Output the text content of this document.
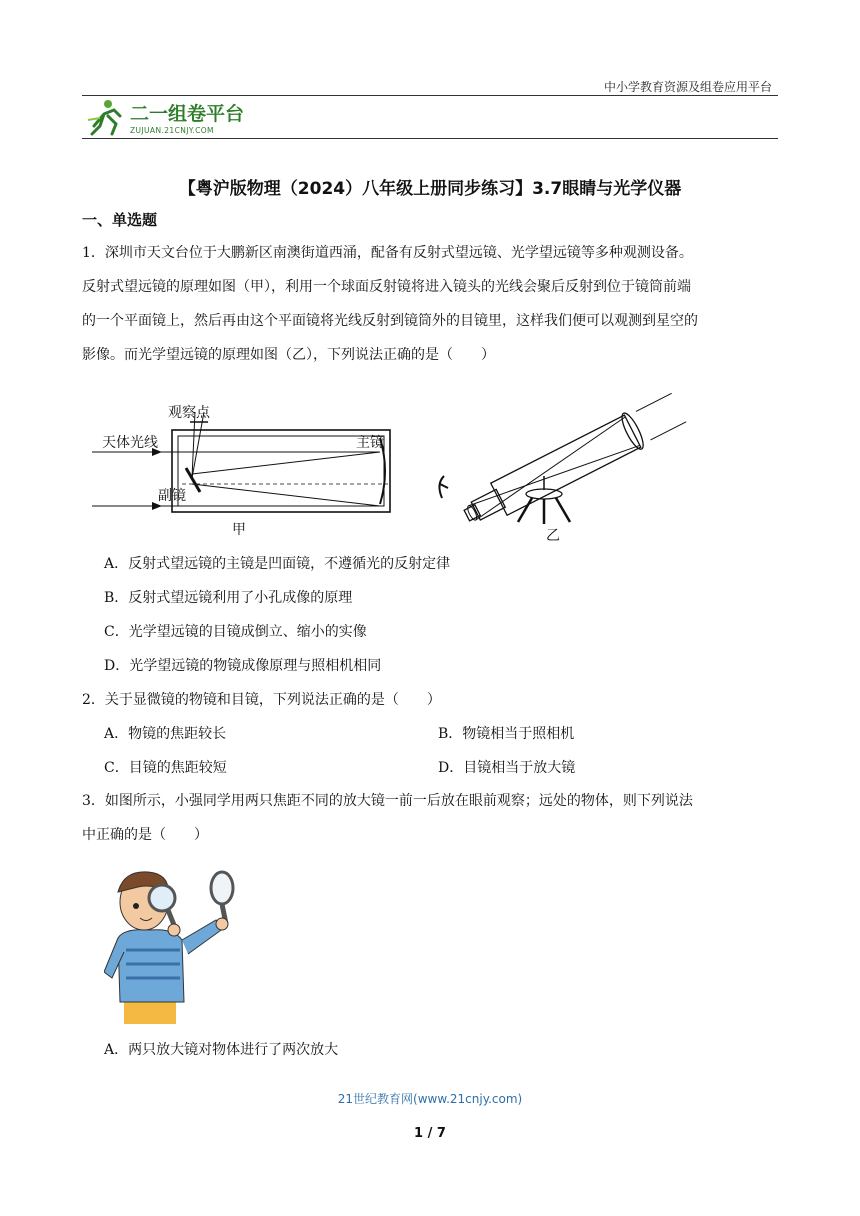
中小学教育资源及组卷应用平台
二一组卷平台
ZUJUAN.21CNJY.COM
【粤沪版物理（2024）八年级上册同步练习】3.7眼睛与光学仪器
一、单选题
1．深圳市天文台位于大鹏新区南澳街道西涌，配备有反射式望远镜、光学望远镜等多种观测设备。
反射式望远镜的原理如图（甲），利用一个球面反射镜将进入镜头的光线会聚后反射到位于镜筒前端
的一个平面镜上，然后再由这个平面镜将光线反射到镜筒外的目镜里，这样我们便可以观测到星空的
影像。而光学望远镜的原理如图（乙），下列说法正确的是（　　）
观察点
天体光线	主镜
副镜
甲	乙
A．反射式望远镜的主镜是凹面镜，不遵循光的反射定律
B．反射式望远镜利用了小孔成像的原理
C．光学望远镜的目镜成倒立、缩小的实像
D．光学望远镜的物镜成像原理与照相机相同
2．关于显微镜的物镜和目镜，下列说法正确的是（　　）
A．物镜的焦距较长	B．物镜相当于照相机
C．目镜的焦距较短	D．目镜相当于放大镜
3．如图所示，小强同学用两只焦距不同的放大镜一前一后放在眼前观察；远处的物体，则下列说法
中正确的是（　　）
A．两只放大镜对物体进行了两次放大
21世纪教育网(www.21cnjy.com)
1 / 7
